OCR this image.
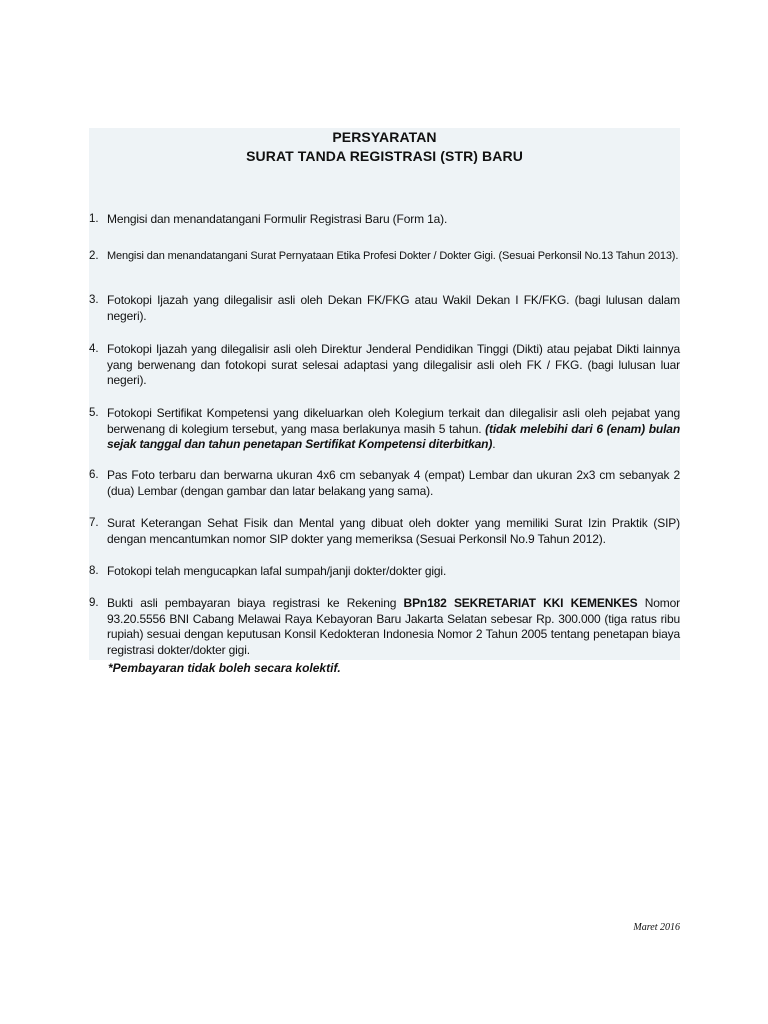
PERSYARATAN
SURAT TANDA REGISTRASI (STR) BARU
1. Mengisi dan menandatangani Formulir Registrasi Baru (Form 1a).
2. Mengisi dan menandatangani Surat Pernyataan Etika Profesi Dokter / Dokter Gigi. (Sesuai Perkonsil No.13 Tahun 2013).
3. Fotokopi Ijazah yang dilegalisir asli oleh Dekan FK/FKG atau Wakil Dekan I FK/FKG. (bagi lulusan dalam negeri).
4. Fotokopi Ijazah yang dilegalisir asli oleh Direktur Jenderal Pendidikan Tinggi (Dikti) atau pejabat Dikti lainnya yang berwenang dan fotokopi surat selesai adaptasi yang dilegalisir asli oleh FK / FKG. (bagi lulusan luar negeri).
5. Fotokopi Sertifikat Kompetensi yang dikeluarkan oleh Kolegium terkait dan dilegalisir asli oleh pejabat yang berwenang di kolegium tersebut, yang masa berlakunya masih 5 tahun. (tidak melebihi dari 6 (enam) bulan sejak tanggal dan tahun penetapan Sertifikat Kompetensi diterbitkan).
6. Pas Foto terbaru dan berwarna ukuran 4x6 cm sebanyak 4 (empat) Lembar dan ukuran 2x3 cm sebanyak 2 (dua) Lembar (dengan gambar dan latar belakang yang sama).
7. Surat Keterangan Sehat Fisik dan Mental yang dibuat oleh dokter yang memiliki Surat Izin Praktik (SIP) dengan mencantumkan nomor SIP dokter yang memeriksa (Sesuai Perkonsil No.9 Tahun 2012).
8. Fotokopi telah mengucapkan lafal sumpah/janji dokter/dokter gigi.
9. Bukti asli pembayaran biaya registrasi ke Rekening BPn182 SEKRETARIAT KKI KEMENKES Nomor 93.20.5556 BNI Cabang Melawai Raya Kebayoran Baru Jakarta Selatan sebesar Rp. 300.000 (tiga ratus ribu rupiah) sesuai dengan keputusan Konsil Kedokteran Indonesia Nomor 2 Tahun 2005 tentang penetapan biaya registrasi dokter/dokter gigi.
*Pembayaran tidak boleh secara kolektif.
Maret 2016
